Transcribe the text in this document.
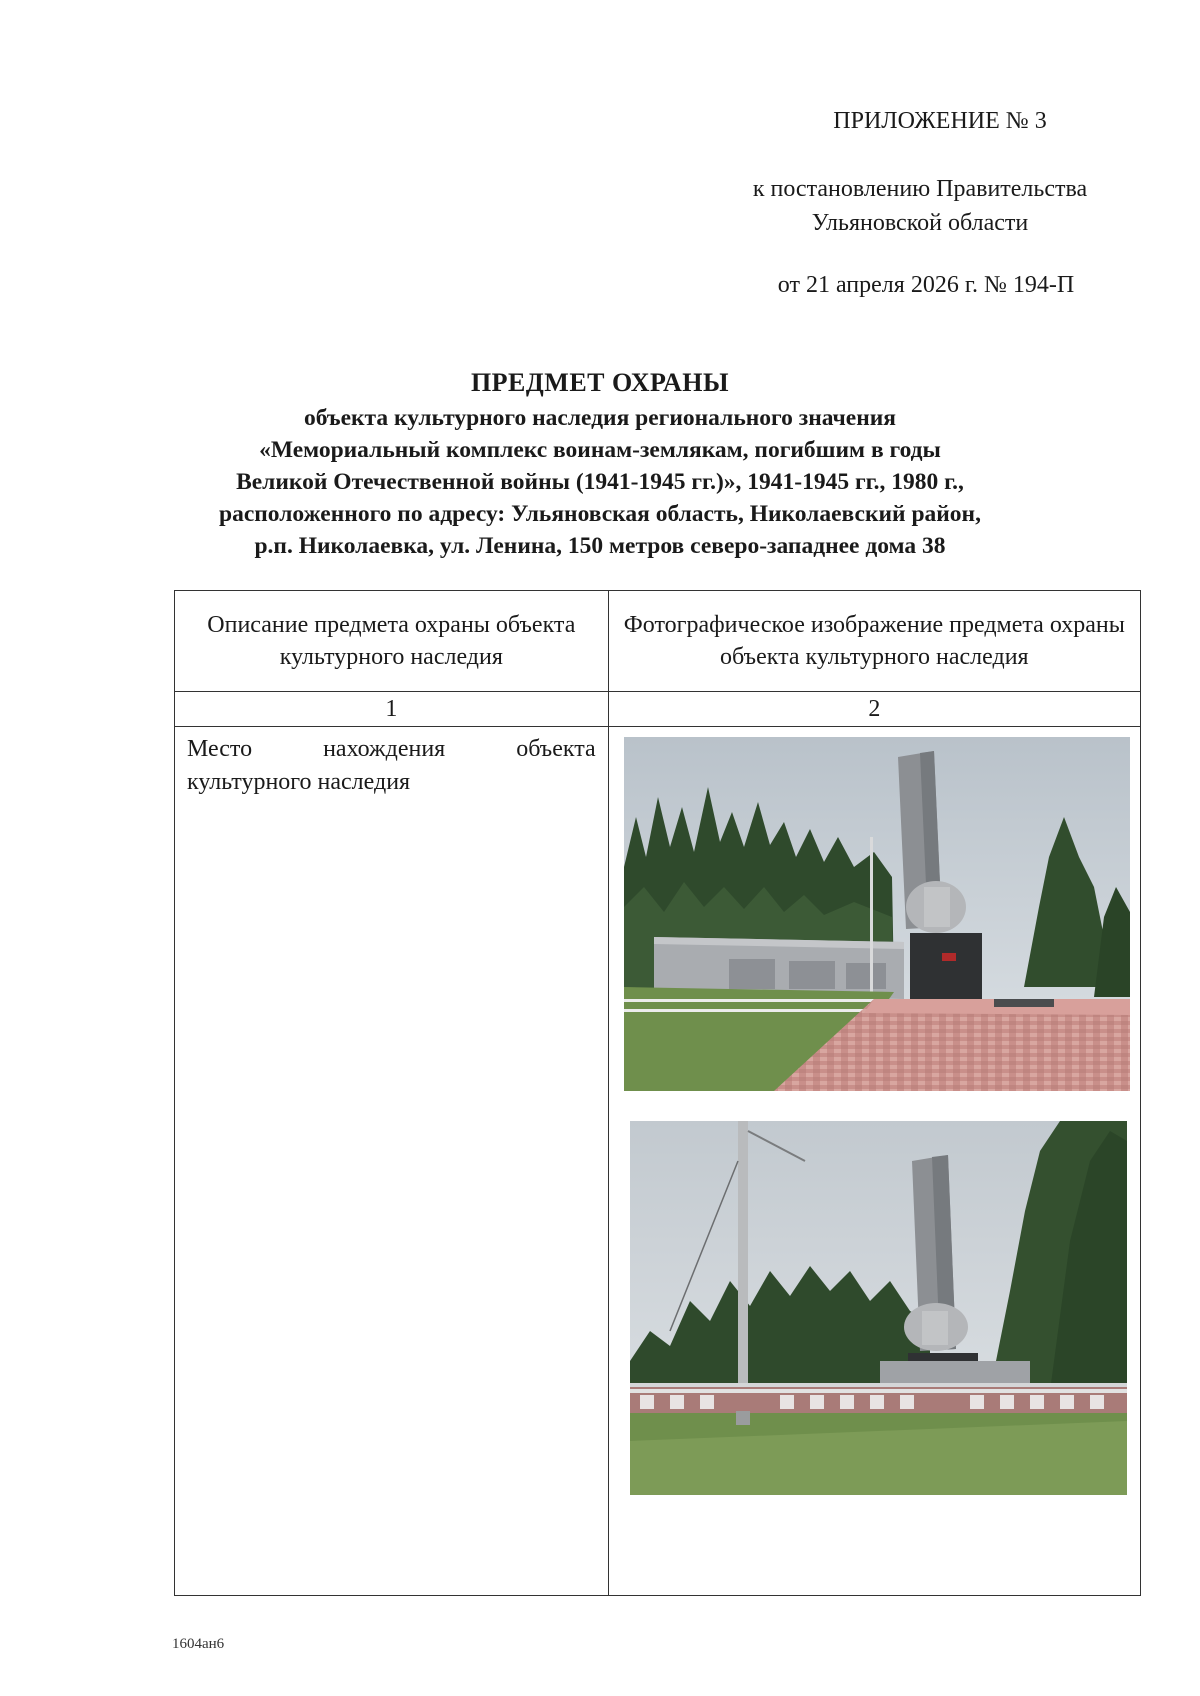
ПРИЛОЖЕНИЕ № 3
к постановлению Правительства
Ульяновской области
от 21 апреля 2026 г. № 194-П
ПРЕДМЕТ ОХРАНЫ
объекта культурного наследия регионального значения
«Мемориальный комплекс воинам-землякам, погибшим в годы
Великой Отечественной войны (1941-1945 гг.)», 1941-1945 гг., 1980 г.,
расположенного по адресу: Ульяновская область, Николаевский район,
р.п. Николаевка, ул. Ленина, 150 метров северо-западнее дома 38
Описание предмета охраны объекта культурного наследия	Фотографическое изображение предмета охраны объекта культурного наследия
1	2
Место нахождения объекта культурного наследия	
1604ан6
